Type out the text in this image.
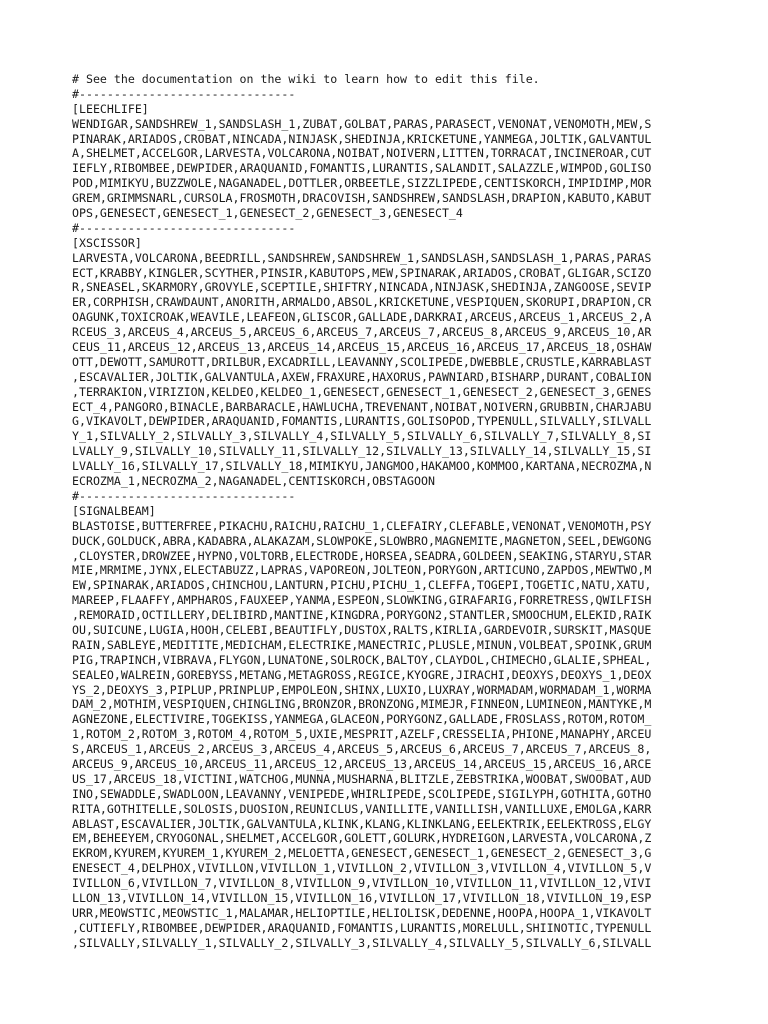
# See the documentation on the wiki to learn how to edit this file.
#-------------------------------
[LEECHLIFE]
WENDIGAR,SANDSHREW_1,SANDSLASH_1,ZUBAT,GOLBAT,PARAS,PARASECT,VENONAT,VENOMOTH,MEW,S
PINARAK,ARIADOS,CROBAT,NINCADA,NINJASK,SHEDINJA,KRICKETUNE,YANMEGA,JOLTIK,GALVANTUL
A,SHELMET,ACCELGOR,LARVESTA,VOLCARONA,NOIBAT,NOIVERN,LITTEN,TORRACAT,INCINEROAR,CUT
IEFLY,RIBOMBEE,DEWPIDER,ARAQUANID,FOMANTIS,LURANTIS,SALANDIT,SALAZZLE,WIMPOD,GOLISO
POD,MIMIKYU,BUZZWOLE,NAGANADEL,DOTTLER,ORBEETLE,SIZZLIPEDE,CENTISKORCH,IMPIDIMP,MOR
GREM,GRIMMSNARL,CURSOLA,FROSMOTH,DRACOVISH,SANDSHREW,SANDSLASH,DRAPION,KABUTO,KABUT
OPS,GENESECT,GENESECT_1,GENESECT_2,GENESECT_3,GENESECT_4
#-------------------------------
[XSCISSOR]
LARVESTA,VOLCARONA,BEEDRILL,SANDSHREW,SANDSHREW_1,SANDSLASH,SANDSLASH_1,PARAS,PARAS
ECT,KRABBY,KINGLER,SCYTHER,PINSIR,KABUTOPS,MEW,SPINARAK,ARIADOS,CROBAT,GLIGAR,SCIZO
R,SNEASEL,SKARMORY,GROVYLE,SCEPTILE,SHIFTRY,NINCADA,NINJASK,SHEDINJA,ZANGOOSE,SEVIP
ER,CORPHISH,CRAWDAUNT,ANORITH,ARMALDO,ABSOL,KRICKETUNE,VESPIQUEN,SKORUPI,DRAPION,CR
OAGUNK,TOXICROAK,WEAVILE,LEAFEON,GLISCOR,GALLADE,DARKRAI,ARCEUS,ARCEUS_1,ARCEUS_2,A
RCEUS_3,ARCEUS_4,ARCEUS_5,ARCEUS_6,ARCEUS_7,ARCEUS_7,ARCEUS_8,ARCEUS_9,ARCEUS_10,AR
CEUS_11,ARCEUS_12,ARCEUS_13,ARCEUS_14,ARCEUS_15,ARCEUS_16,ARCEUS_17,ARCEUS_18,OSHAW
OTT,DEWOTT,SAMUROTT,DRILBUR,EXCADRILL,LEAVANNY,SCOLIPEDE,DWEBBLE,CRUSTLE,KARRABLAST
,ESCAVALIER,JOLTIK,GALVANTULA,AXEW,FRAXURE,HAXORUS,PAWNIARD,BISHARP,DURANT,COBALION
,TERRAKION,VIRIZION,KELDEO,KELDEO_1,GENESECT,GENESECT_1,GENESECT_2,GENESECT_3,GENES
ECT_4,PANGORO,BINACLE,BARBARACLE,HAWLUCHA,TREVENANT,NOIBAT,NOIVERN,GRUBBIN,CHARJABU
G,VIKAVOLT,DEWPIDER,ARAQUANID,FOMANTIS,LURANTIS,GOLISOPOD,TYPENULL,SILVALLY,SILVALL
Y_1,SILVALLY_2,SILVALLY_3,SILVALLY_4,SILVALLY_5,SILVALLY_6,SILVALLY_7,SILVALLY_8,SI
LVALLY_9,SILVALLY_10,SILVALLY_11,SILVALLY_12,SILVALLY_13,SILVALLY_14,SILVALLY_15,SI
LVALLY_16,SILVALLY_17,SILVALLY_18,MIMIKYU,JANGMOO,HAKAMOO,KOMMOO,KARTANA,NECROZMA,N
ECROZMA_1,NECROZMA_2,NAGANADEL,CENTISKORCH,OBSTAGOON
#-------------------------------
[SIGNALBEAM]
BLASTOISE,BUTTERFREE,PIKACHU,RAICHU,RAICHU_1,CLEFAIRY,CLEFABLE,VENONAT,VENOMOTH,PSY
DUCK,GOLDUCK,ABRA,KADABRA,ALAKAZAM,SLOWPOKE,SLOWBRO,MAGNEMITE,MAGNETON,SEEL,DEWGONG
,CLOYSTER,DROWZEE,HYPNO,VOLTORB,ELECTRODE,HORSEA,SEADRA,GOLDEEN,SEAKING,STARYU,STAR
MIE,MRMIME,JYNX,ELECTABUZZ,LAPRAS,VAPOREON,JOLTEON,PORYGON,ARTICUNO,ZAPDOS,MEWTWO,M
EW,SPINARAK,ARIADOS,CHINCHOU,LANTURN,PICHU,PICHU_1,CLEFFA,TOGEPI,TOGETIC,NATU,XATU,
MAREEP,FLAAFFY,AMPHAROS,FAUXEEP,YANMA,ESPEON,SLOWKING,GIRAFARIG,FORRETRESS,QWILFISH
,REMORAID,OCTILLERY,DELIBIRD,MANTINE,KINGDRA,PORYGON2,STANTLER,SMOOCHUM,ELEKID,RAIK
OU,SUICUNE,LUGIA,HOOH,CELEBI,BEAUTIFLY,DUSTOX,RALTS,KIRLIA,GARDEVOIR,SURSKIT,MASQUE
RAIN,SABLEYE,MEDITITE,MEDICHAM,ELECTRIKE,MANECTRIC,PLUSLE,MINUN,VOLBEAT,SPOINK,GRUM
PIG,TRAPINCH,VIBRAVA,FLYGON,LUNATONE,SOLROCK,BALTOY,CLAYDOL,CHIMECHO,GLALIE,SPHEAL,
SEALEO,WALREIN,GOREBYSS,METANG,METAGROSS,REGICE,KYOGRE,JIRACHI,DEOXYS,DEOXYS_1,DEOX
YS_2,DEOXYS_3,PIPLUP,PRINPLUP,EMPOLEON,SHINX,LUXIO,LUXRAY,WORMADAM,WORMADAM_1,WORMA
DAM_2,MOTHIM,VESPIQUEN,CHINGLING,BRONZOR,BRONZONG,MIMEJR,FINNEON,LUMINEON,MANTYKE,M
AGNEZONE,ELECTIVIRE,TOGEKISS,YANMEGA,GLACEON,PORYGONZ,GALLADE,FROSLASS,ROTOM,ROTOM_
1,ROTOM_2,ROTOM_3,ROTOM_4,ROTOM_5,UXIE,MESPRIT,AZELF,CRESSELIA,PHIONE,MANAPHY,ARCEU
S,ARCEUS_1,ARCEUS_2,ARCEUS_3,ARCEUS_4,ARCEUS_5,ARCEUS_6,ARCEUS_7,ARCEUS_7,ARCEUS_8,
ARCEUS_9,ARCEUS_10,ARCEUS_11,ARCEUS_12,ARCEUS_13,ARCEUS_14,ARCEUS_15,ARCEUS_16,ARCE
US_17,ARCEUS_18,VICTINI,WATCHOG,MUNNA,MUSHARNA,BLITZLE,ZEBSTRIKA,WOOBAT,SWOOBAT,AUD
INO,SEWADDLE,SWADLOON,LEAVANNY,VENIPEDE,WHIRLIPEDE,SCOLIPEDE,SIGILYPH,GOTHITA,GOTHO
RITA,GOTHITELLE,SOLOSIS,DUOSION,REUNICLUS,VANILLITE,VANILLISH,VANILLUXE,EMOLGA,KARR
ABLAST,ESCAVALIER,JOLTIK,GALVANTULA,KLINK,KLANG,KLINKLANG,EELEKTRIK,EELEKTROSS,ELGY
EM,BEHEEYEM,CRYOGONAL,SHELMET,ACCELGOR,GOLETT,GOLURK,HYDREIGON,LARVESTA,VOLCARONA,Z
EKROM,KYUREM,KYUREM_1,KYUREM_2,MELOETTA,GENESECT,GENESECT_1,GENESECT_2,GENESECT_3,G
ENESECT_4,DELPHOX,VIVILLON,VIVILLON_1,VIVILLON_2,VIVILLON_3,VIVILLON_4,VIVILLON_5,V
IVILLON_6,VIVILLON_7,VIVILLON_8,VIVILLON_9,VIVILLON_10,VIVILLON_11,VIVILLON_12,VIVI
LLON_13,VIVILLON_14,VIVILLON_15,VIVILLON_16,VIVILLON_17,VIVILLON_18,VIVILLON_19,ESP
URR,MEOWSTIC,MEOWSTIC_1,MALAMAR,HELIOPTILE,HELIOLISK,DEDENNE,HOOPA,HOOPA_1,VIKAVOLT
,CUTIEFLY,RIBOMBEE,DEWPIDER,ARAQUANID,FOMANTIS,LURANTIS,MORELULL,SHIINOTIC,TYPENULL
,SILVALLY,SILVALLY_1,SILVALLY_2,SILVALLY_3,SILVALLY_4,SILVALLY_5,SILVALLY_6,SILVALL
